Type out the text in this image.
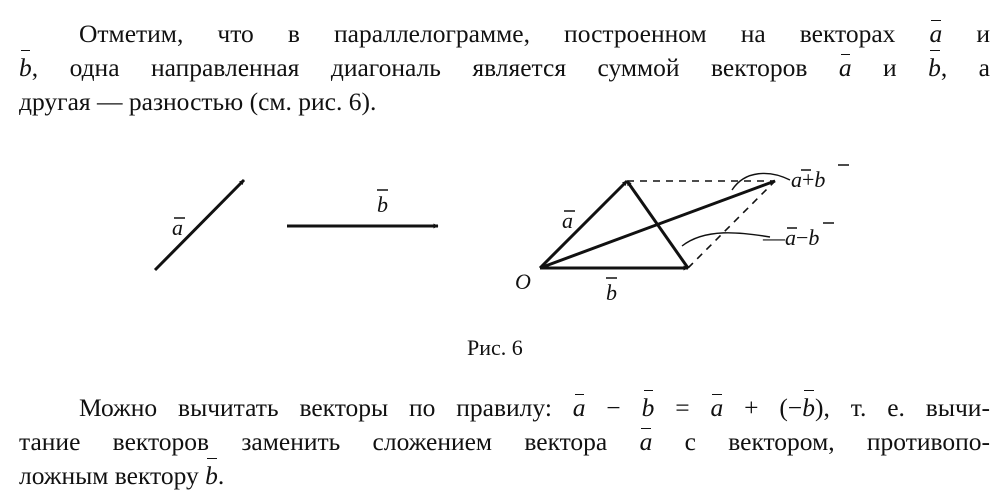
Отметим, что в параллелограмме, построенном на векторах a и
b, одна направленная диагональ является суммой векторов a и b, а
другая — разностью (см. рис. 6).
a
b
O
a
b
a+b
—a−b
Рис. 6
Можно вычитать векторы по правилу: a − b = a + (−b), т. е. вычи-
тание векторов заменить сложением вектора a с вектором, противопо-
ложным вектору b.
